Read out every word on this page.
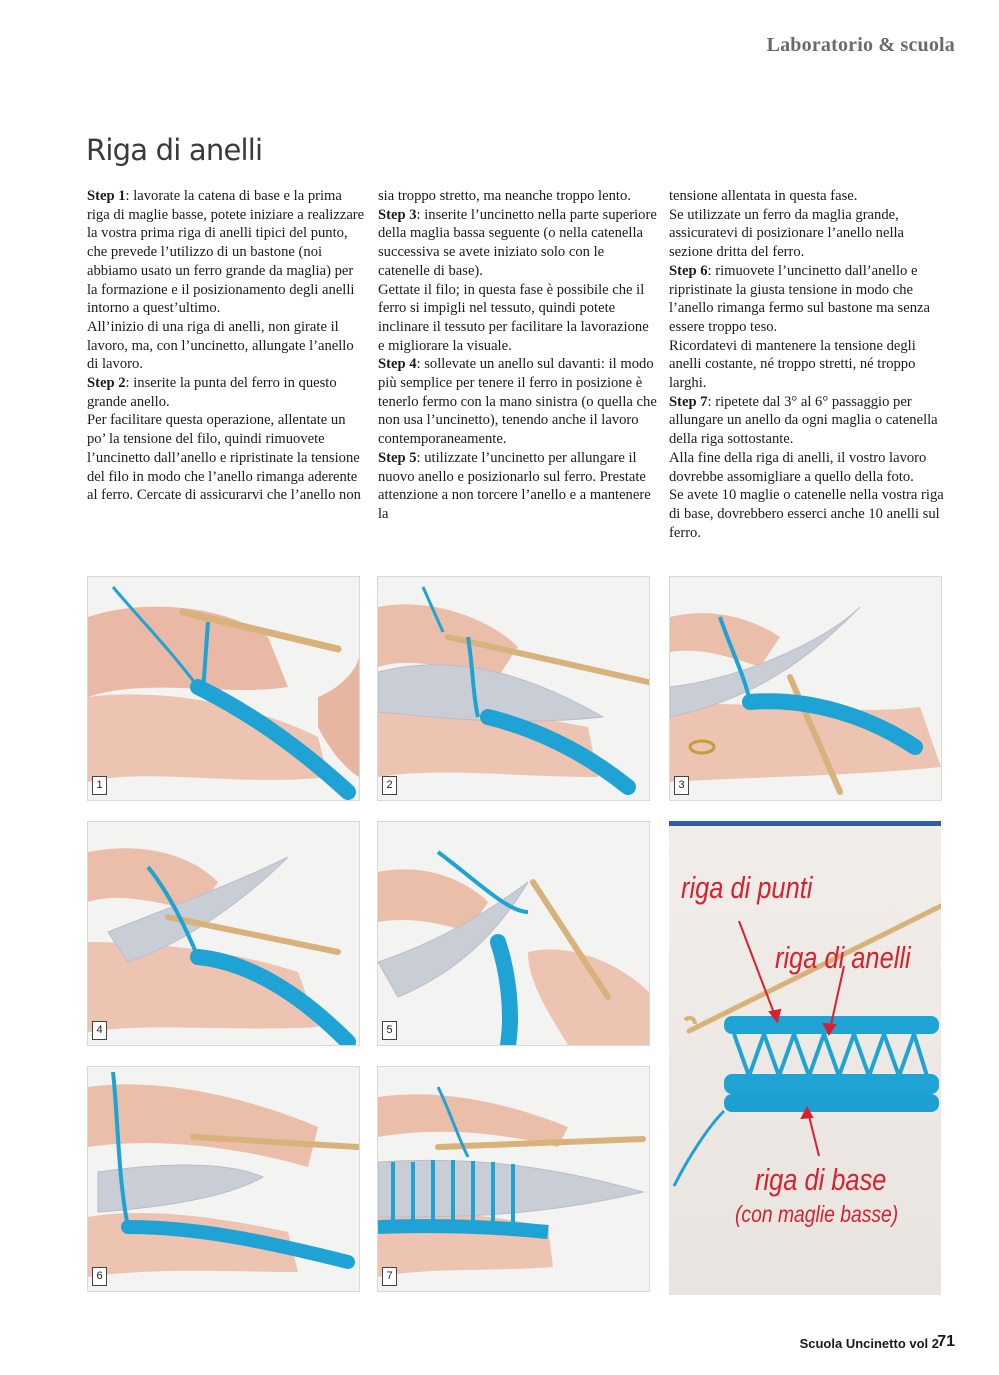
Laboratorio & scuola
Riga di anelli

Step 1: lavorate la catena di base e la prima riga di maglie basse, potete iniziare a realizzare la vostra prima riga di anelli tipici del punto, che prevede l’utilizzo di un bastone (noi abbiamo usato un ferro grande da maglia) per la formazione e il posizionamento degli anelli intorno a quest’ultimo.

All’inizio di una riga di anelli, non girate il lavoro, ma, con l’uncinetto, allungate l’anello di lavoro.

Step 2: inserite la punta del ferro in questo grande anello.

Per facilitare questa operazione, allentate un po’ la tensione del filo, quindi rimuovete l’uncinetto dall’anello e ripristinate la tensione del filo in modo che l’anello rimanga aderente al ferro. Cercate di assicurarvi che l’anello non

sia troppo stretto, ma neanche troppo lento.

Step 3: inserite l’uncinetto nella parte superiore della maglia bassa seguente (o nella catenella successiva se avete iniziato solo con le catenelle di base).

Gettate il filo; in questa fase è possibile che il ferro si impigli nel tessuto, quindi potete inclinare il tessuto per facilitare la lavorazione e migliorare la visuale.

Step 4: sollevate un anello sul davanti: il modo più semplice per tenere il ferro in posizione è tenerlo fermo con la mano sinistra (o quella che non usa l’uncinetto), tenendo anche il lavoro contemporaneamente.

Step 5: utilizzate l’uncinetto per allungare il nuovo anello e posizionarlo sul ferro. Prestate attenzione a non torcere l’anello e a mantenere la

tensione allentata in questa fase.

Se utilizzate un ferro da maglia grande, assicuratevi di posizionare l’anello nella sezione dritta del ferro.

Step 6: rimuovete l’uncinetto dall’anello e ripristinate la giusta tensione in modo che l’anello rimanga fermo sul bastone ma senza essere troppo teso.

Ricordatevi di mantenere la tensione degli anelli costante, né troppo stretti, né troppo larghi.

Step 7: ripetete dal 3° al 6° passaggio per allungare un anello da ogni maglia o catenella della riga sottostante.

Alla fine della riga di anelli, il vostro lavoro dovrebbe assomigliare a quello della foto.

Se avete 10 maglie o catenelle nella vostra riga di base, dovrebbero esserci anche 10 anelli sul ferro.

1	2	3
4	5
6	7
riga di punti
riga di anelli
riga di base
(con maglie basse)
Scuola Uncinetto vol 2
71
